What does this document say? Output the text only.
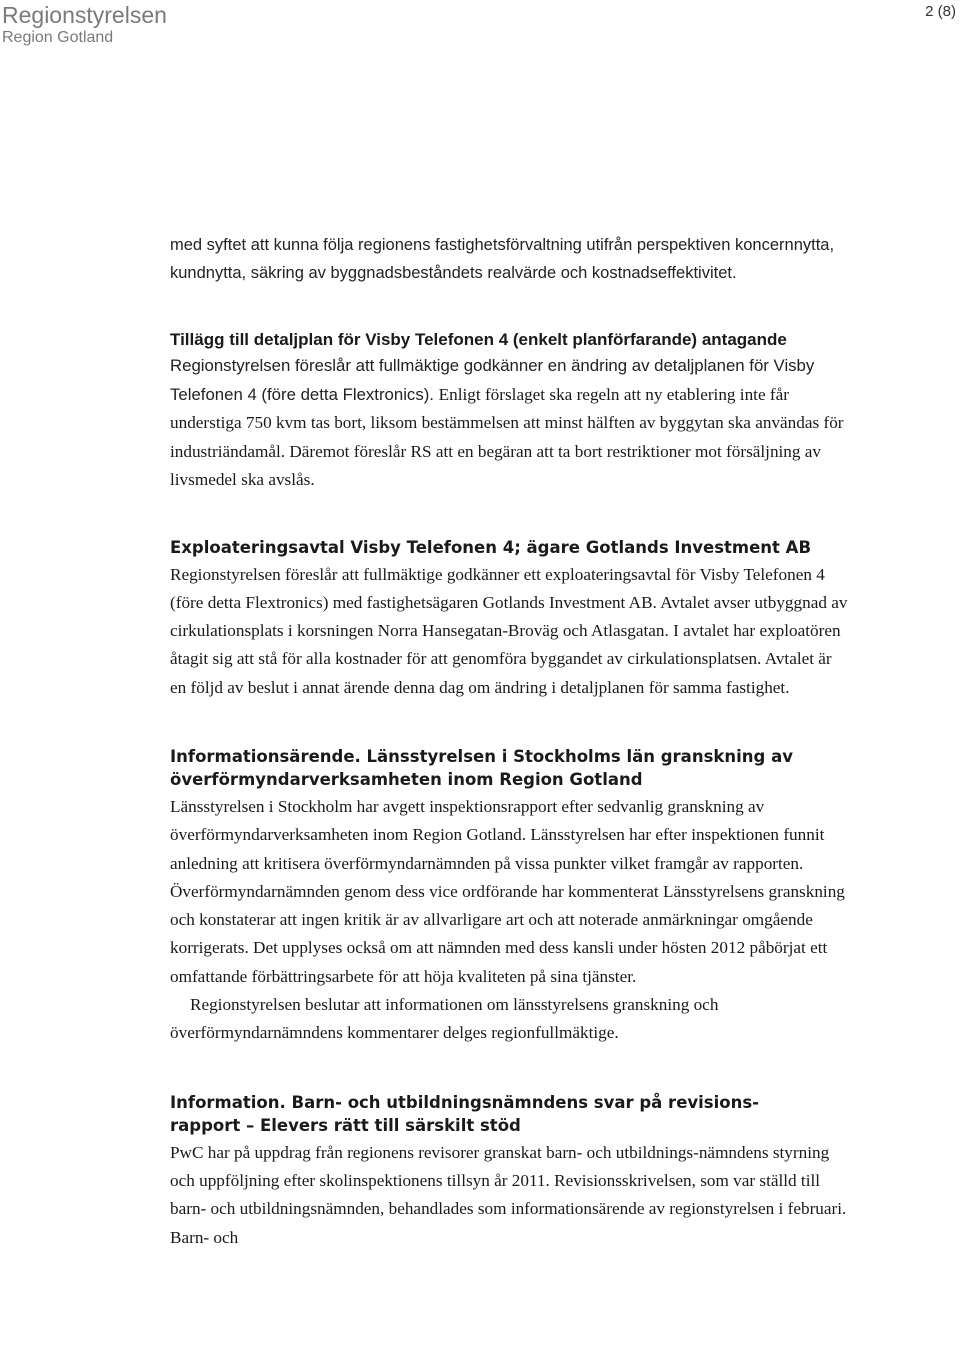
Regionstyrelsen
Region Gotland
2 (8)

med syftet att kunna följa regionens fastighetsförvaltning utifrån perspektiven koncernnytta, kundnytta, säkring av byggnadsbeståndets realvärde och kostnadseffektivitet.

Tillägg till detaljplan för Visby Telefonen 4 (enkelt planförfarande) antagande

Regionstyrelsen föreslår att fullmäktige godkänner en ändring av detaljplanen för Visby Telefonen 4 (före detta Flextronics). Enligt förslaget ska regeln att ny etablering inte får understiga 750 kvm tas bort, liksom bestämmelsen att minst hälften av byggytan ska användas för industriändamål. Däremot föreslår RS att en begäran att ta bort restriktioner mot försäljning av livsmedel ska avslås.

Exploateringsavtal Visby Telefonen 4; ägare Gotlands Investment AB

Regionstyrelsen föreslår att fullmäktige godkänner ett exploateringsavtal för Visby Telefonen 4 (före detta Flextronics) med fastighetsägaren Gotlands Investment AB. Avtalet avser utbyggnad av cirkulationsplats i korsningen Norra Hansegatan-Broväg och Atlasgatan. I avtalet har exploatören åtagit sig att stå för alla kostnader för att genomföra byggandet av cirkulationsplatsen. Avtalet är en följd av beslut i annat ärende denna dag om ändring i detaljplanen för samma fastighet.

Informationsärende. Länsstyrelsen i Stockholms län granskning av
överförmyndarverksamheten inom Region Gotland

Länsstyrelsen i Stockholm har avgett inspektionsrapport efter sedvanlig granskning av överförmyndarverksamheten inom Region Gotland. Länsstyrelsen har efter inspektionen funnit anledning att kritisera överförmyndarnämnden på vissa punkter vilket framgår av rapporten. Överförmyndarnämnden genom dess vice ordförande har kommenterat Länsstyrelsens granskning och konstaterar att ingen kritik är av allvarligare art och att noterade anmärkningar omgående korrigerats. Det upplyses också om att nämnden med dess kansli under hösten 2012 påbörjat ett omfattande förbättringsarbete för att höja kvaliteten på sina tjänster.

Regionstyrelsen beslutar att informationen om länsstyrelsens granskning och överförmyndarnämndens kommentarer delges regionfullmäktige.

Information. Barn- och utbildningsnämndens svar på revisions-
rapport – Elevers rätt till särskilt stöd

PwC har på uppdrag från regionens revisorer granskat barn- och utbildnings-nämndens styrning och uppföljning efter skolinspektionens tillsyn år 2011. Revisionsskrivelsen, som var ställd till barn- och utbildningsnämnden, behandlades som informationsärende av regionstyrelsen i februari. Barn- och
